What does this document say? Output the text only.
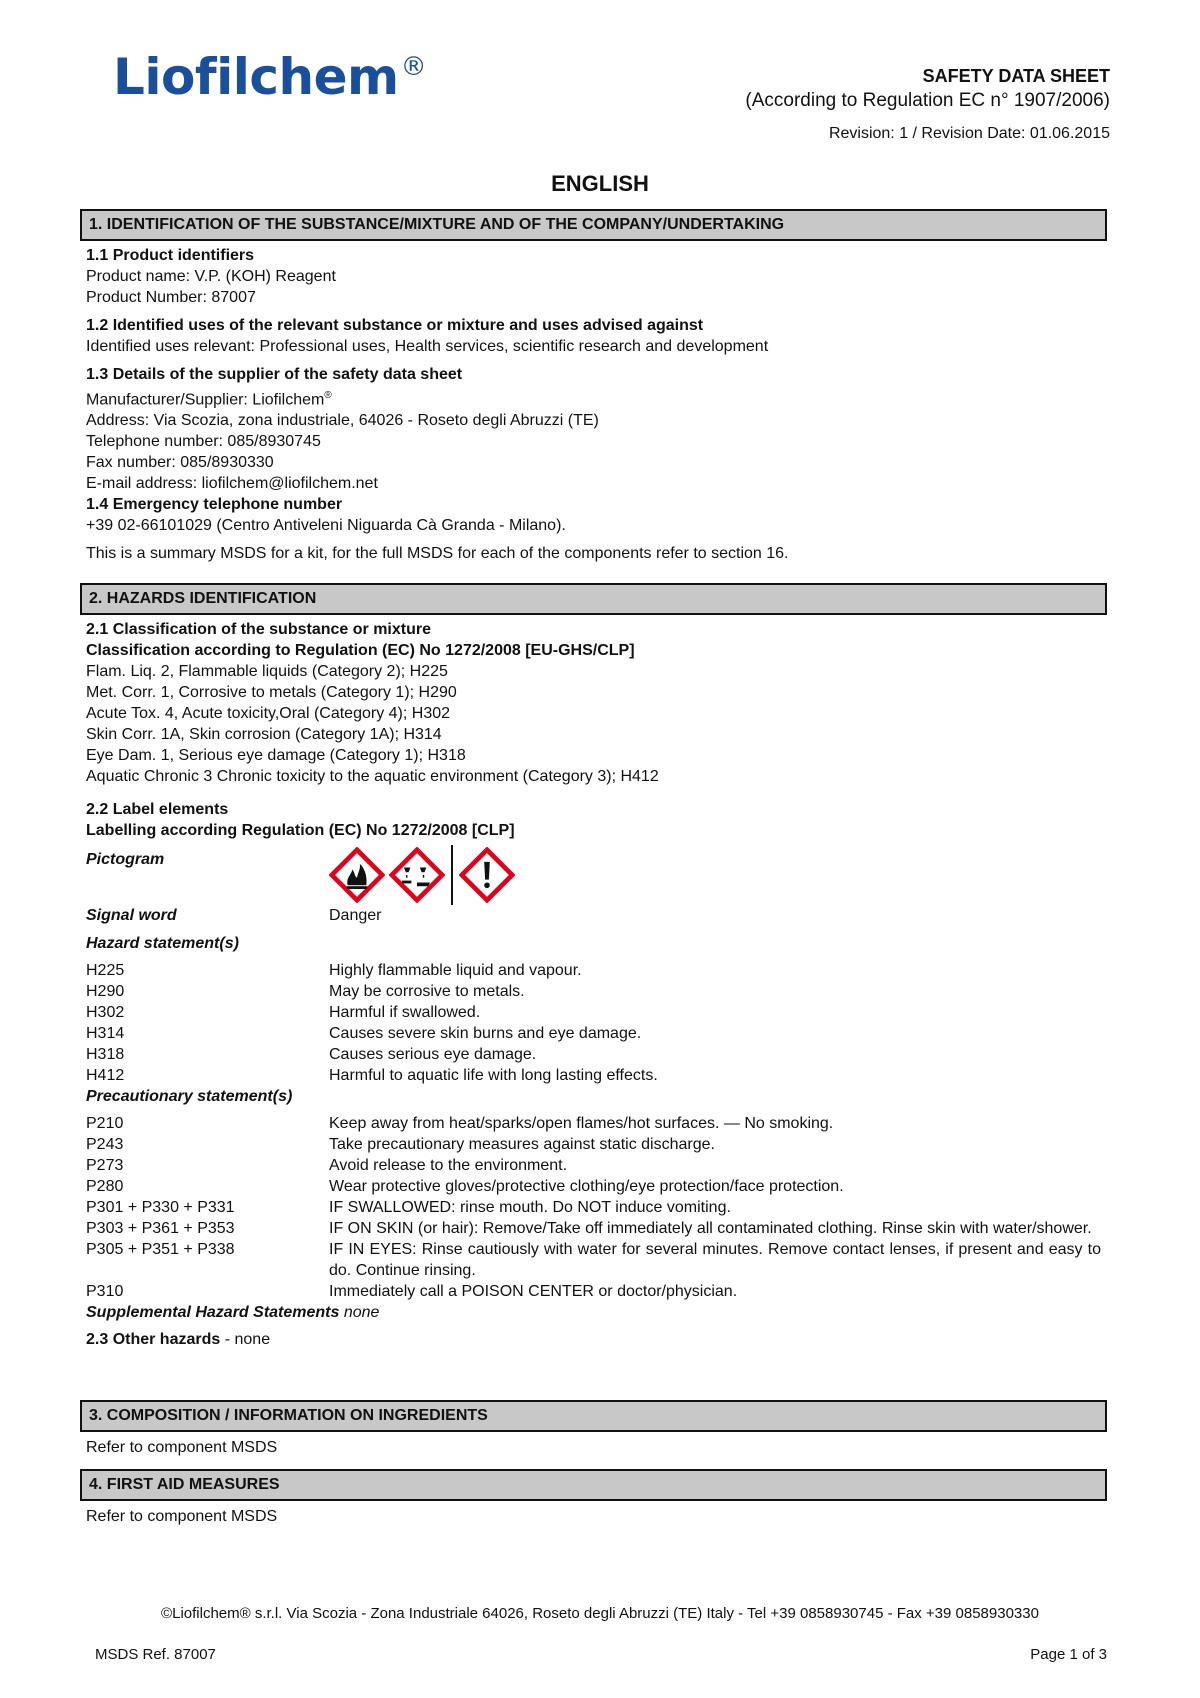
Liofilchem®	SAFETY DATA SHEET
(According to Regulation EC n° 1907/2006)
Revision: 1 / Revision Date: 01.06.2015
ENGLISH
1. IDENTIFICATION OF THE SUBSTANCE/MIXTURE AND OF THE COMPANY/UNDERTAKING

1.1 Product identifiers

Product name: V.P. (KOH) Reagent

Product Number: 87007

1.2 Identified uses of the relevant substance or mixture and uses advised against

Identified uses relevant: Professional uses, Health services, scientific research and development

1.3 Details of the supplier of the safety data sheet

Manufacturer/Supplier: Liofilchem®

Address: Via Scozia, zona industriale, 64026 - Roseto degli Abruzzi (TE)

Telephone number: 085/8930745

Fax number: 085/8930330

E-mail address: liofilchem@liofilchem.net

1.4 Emergency telephone number

+39 02-66101029 (Centro Antiveleni Niguarda Cà Granda - Milano).

This is a summary MSDS for a kit, for the full MSDS for each of the components refer to section 16.

2. HAZARDS IDENTIFICATION

2.1 Classification of the substance or mixture

Classification according to Regulation (EC) No 1272/2008 [EU-GHS/CLP]

Flam. Liq. 2, Flammable liquids (Category 2); H225

Met. Corr. 1, Corrosive to metals (Category 1); H290

Acute Tox. 4, Acute toxicity,Oral (Category 4); H302

Skin Corr. 1A, Skin corrosion (Category 1A); H314

Eye Dam. 1, Serious eye damage (Category 1); H318

Aquatic Chronic 3 Chronic toxicity to the aquatic environment (Category 3); H412

2.2 Label elements

Labelling according Regulation (EC) No 1272/2008 [CLP]

Pictogram
Signal word	Danger

Hazard statement(s)

H225	Highly flammable liquid and vapour.
H290	May be corrosive to metals.
H302	Harmful if swallowed.
H314	Causes severe skin burns and eye damage.
H318	Causes serious eye damage.
H412	Harmful to aquatic life with long lasting effects.

Precautionary statement(s)

P210	Keep away from heat/sparks/open flames/hot surfaces. — No smoking.
P243	Take precautionary measures against static discharge.
P273	Avoid release to the environment.
P280	Wear protective gloves/protective clothing/eye protection/face protection.
P301 + P330 + P331	IF SWALLOWED: rinse mouth. Do NOT induce vomiting.
P303 + P361 + P353	IF ON SKIN (or hair): Remove/Take off immediately all contaminated clothing. Rinse skin with water/shower.
P305 + P351 + P338	IF IN EYES: Rinse cautiously with water for several minutes. Remove contact lenses, if present and easy to do. Continue rinsing.
P310	Immediately call a POISON CENTER or doctor/physician.

Supplemental Hazard Statements none

2.3 Other hazards - none

3. COMPOSITION / INFORMATION ON INGREDIENTS
Refer to component MSDS
4. FIRST AID MEASURES
Refer to component MSDS
©Liofilchem® s.r.l. Via Scozia - Zona Industriale 64026, Roseto degli Abruzzi (TE) Italy - Tel +39 0858930745 - Fax +39 0858930330
MSDS Ref. 87007	Page 1 of 3
